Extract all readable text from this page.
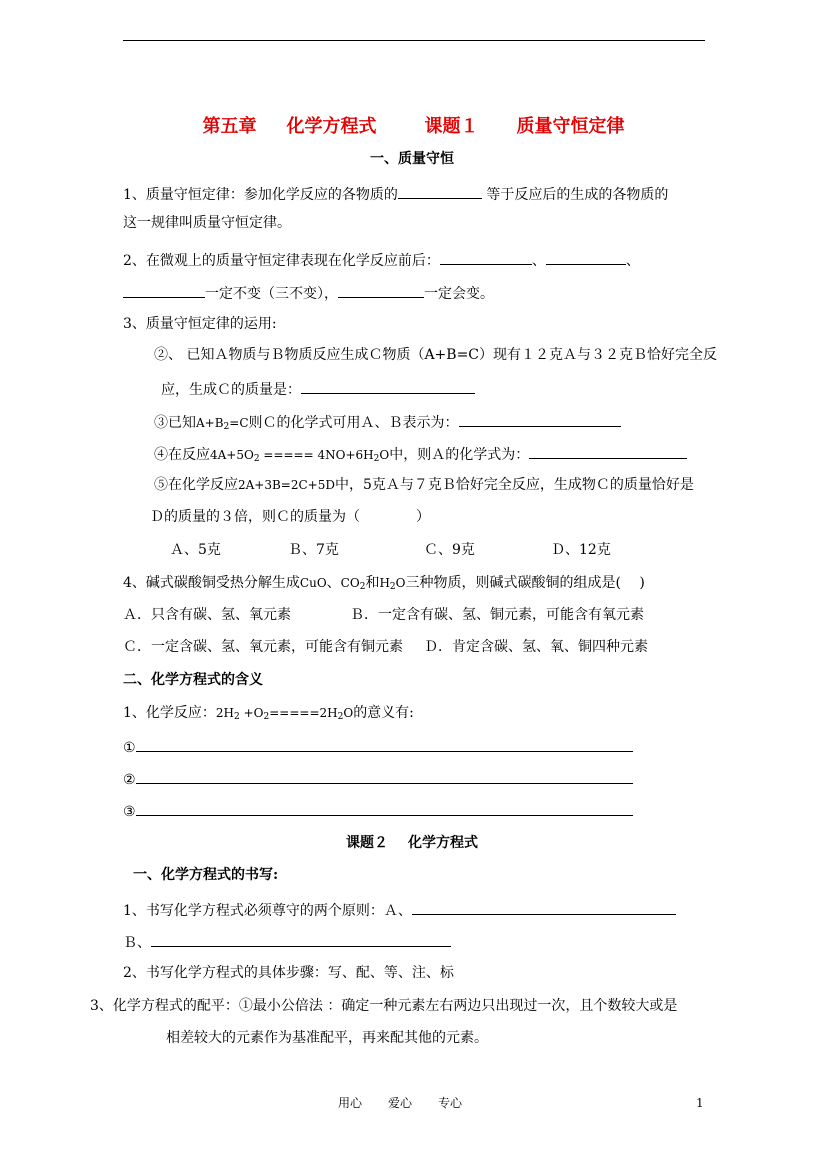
第五章 化学方程式	课题１ 质量守恒定律
一、质量守恒
1、质量守恒定律：参加化学反应的各物质的	等于反应后的生成的各物质的
这一规律叫质量守恒定律。
2、在微观上的质量守恒定律表现在化学反应前后：	、	、
一定不变（三不变），	一定会变。
3、质量守恒定律的运用:
②、 已知Ａ物质与Ｂ物质反应生成Ｃ物质（A+B=C）现有１２克Ａ与３２克Ｂ恰好完全反
应，生成Ｃ的质量是：
③已知$A+B_2=C$则Ｃ的化学式可用Ａ、Ｂ表示为：
④在反应$4A+5O_2$ ===== $4NO+6H_2O$中，则Ａ的化学式为：
⑤在化学反应2A+3B=2C+5D中，5克Ａ与７克Ｂ恰好完全反应，生成物Ｃ的质量恰好是
Ｄ的质量的３倍，则Ｃ的质量为（　　　　）
Ａ、5克	Ｂ、7克	Ｃ、9克	Ｄ、12克
4、碱式碳酸铜受热分解生成CuO、$CO_2$和$H_2O$三种物质，则碱式碳酸铜的组成是(　 )
Ａ．只含有碳、氢、氧元素	Ｂ．一定含有碳、氢、铜元素，可能含有氧元素
Ｃ．一定含碳、氢、氧元素，可能含有铜元素 Ｄ．肯定含碳、氢、氧、铜四种元素
二、化学方程式的含义
1、化学反应：$2H_2 +O_2=====2H_2O$的意义有:
①
②
③
课题２ 化学方程式
一、化学方程式的书写:
1、书写化学方程式必须尊守的两个原则：Ａ、
Ｂ、
2、书写化学方程式的具体步骤：写、配、等、注、标
3、化学方程式的配平：①最小公倍法 ：确定一种元素左右两边只出现过一次，且个数较大或是
相差较大的元素作为基准配平，再来配其他的元素。
用心 爱心 专心	1
